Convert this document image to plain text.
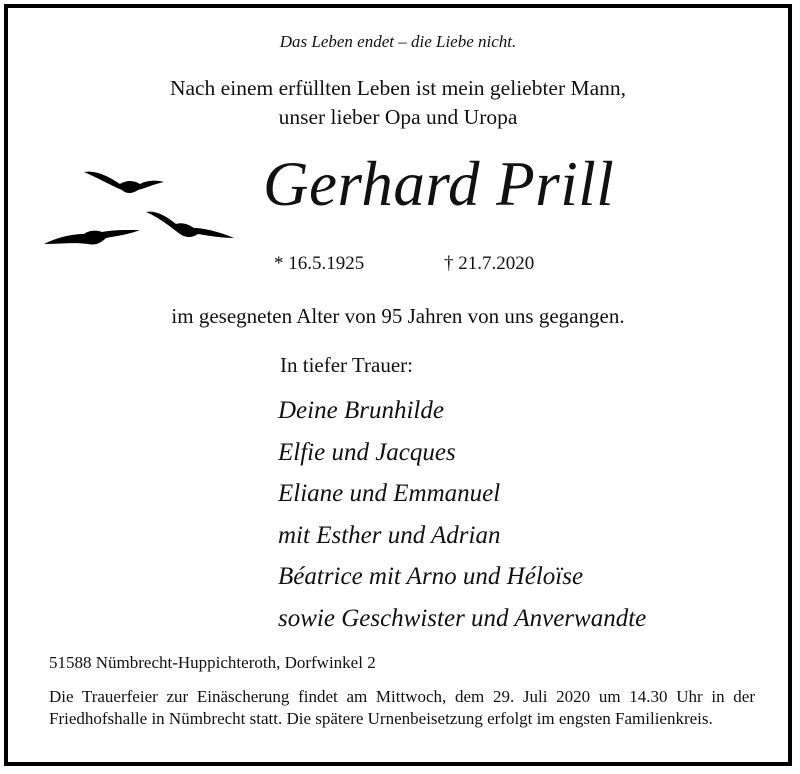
Das Leben endet – die Liebe nicht.
Nach einem erfüllten Leben ist mein geliebter Mann,
unser lieber Opa und Uropa
Gerhard Prill
* 16.5.1925	† 21.7.2020
im gesegneten Alter von 95 Jahren von uns gegangen.
In tiefer Trauer:
Deine Brunhilde
Elfie und Jacques
Eliane und Emmanuel
mit Esther und Adrian
Béatrice mit Arno und Héloïse
sowie Geschwister und Anverwandte
51588 Nümbrecht-Huppichteroth, Dorfwinkel 2
Die Trauerfeier zur Einäscherung findet am Mittwoch, dem 29. Juli 2020 um 14.30 Uhr in der Friedhofshalle in Nümbrecht statt. Die spätere Urnenbeisetzung erfolgt im engsten Familienkreis.
